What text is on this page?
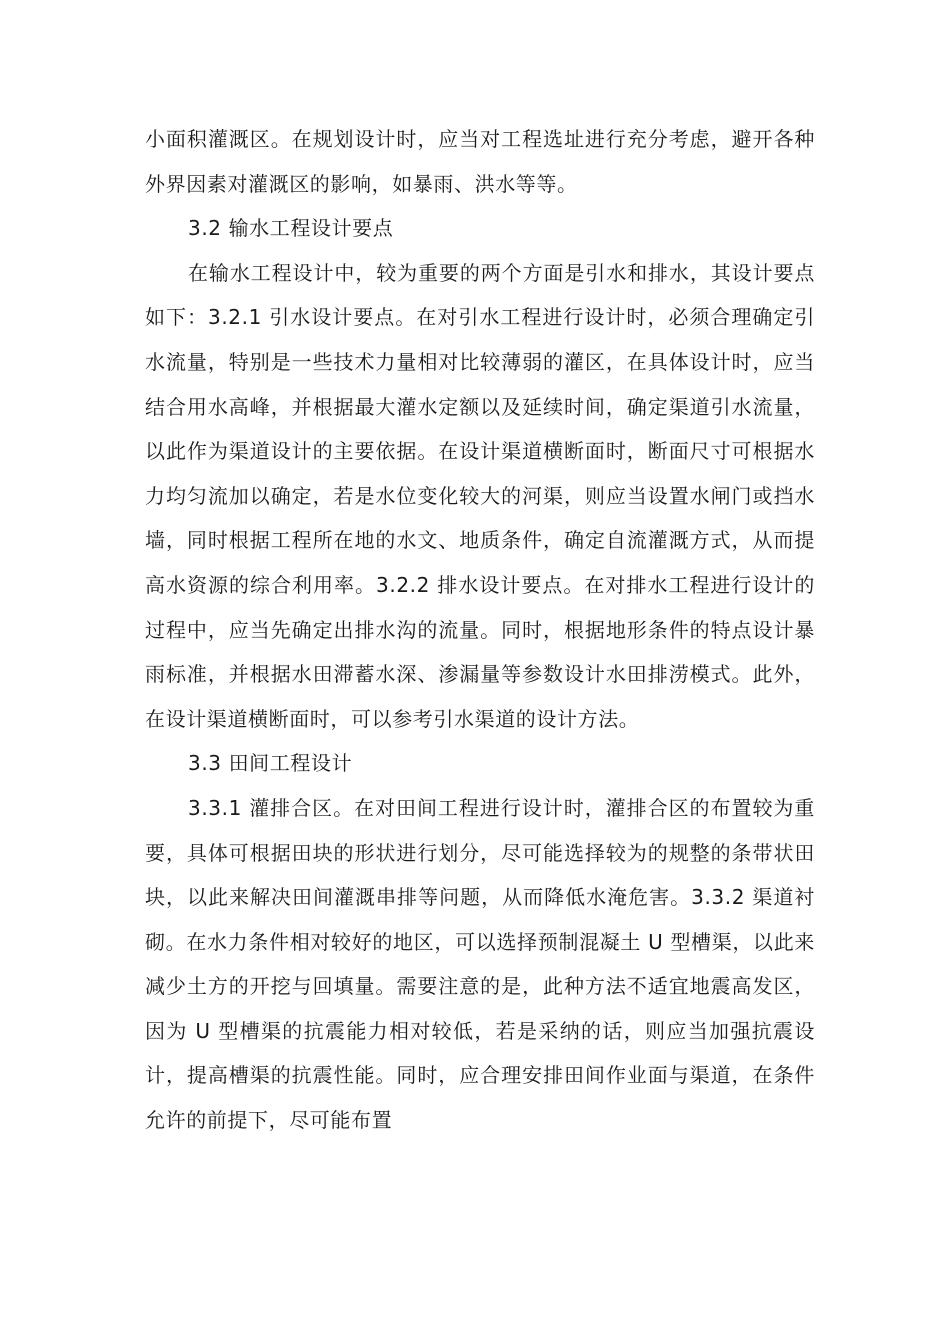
小面积灌溉区。在规划设计时，应当对工程选址进行充分考虑，避开各种外界因素对灌溉区的影响，如暴雨、洪水等等。

3.2 输水工程设计要点

在输水工程设计中，较为重要的两个方面是引水和排水，其设计要点如下：3.2.1 引水设计要点。在对引水工程进行设计时，必须合理确定引水流量，特别是一些技术力量相对比较薄弱的灌区，在具体设计时，应当结合用水高峰，并根据最大灌水定额以及延续时间，确定渠道引水流量，以此作为渠道设计的主要依据。在设计渠道横断面时，断面尺寸可根据水力均匀流加以确定，若是水位变化较大的河渠，则应当设置水闸门或挡水墙，同时根据工程所在地的水文、地质条件，确定自流灌溉方式，从而提高水资源的综合利用率。3.2.2 排水设计要点。在对排水工程进行设计的过程中，应当先确定出排水沟的流量。同时，根据地形条件的特点设计暴雨标准，并根据水田滞蓄水深、渗漏量等参数设计水田排涝模式。此外，在设计渠道横断面时，可以参考引水渠道的设计方法。

3.3 田间工程设计

3.3.1 灌排合区。在对田间工程进行设计时，灌排合区的布置较为重要，具体可根据田块的形状进行划分，尽可能选择较为的规整的条带状田块，以此来解决田间灌溉串排等问题，从而降低水淹危害。3.3.2 渠道衬砌。在水力条件相对较好的地区，可以选择预制混凝土 U 型槽渠，以此来减少土方的开挖与回填量。需要注意的是，此种方法不适宜地震高发区，因为 U 型槽渠的抗震能力相对较低，若是采纳的话，则应当加强抗震设计，提高槽渠的抗震性能。同时，应合理安排田间作业面与渠道，在条件允许的前提下，尽可能布置
